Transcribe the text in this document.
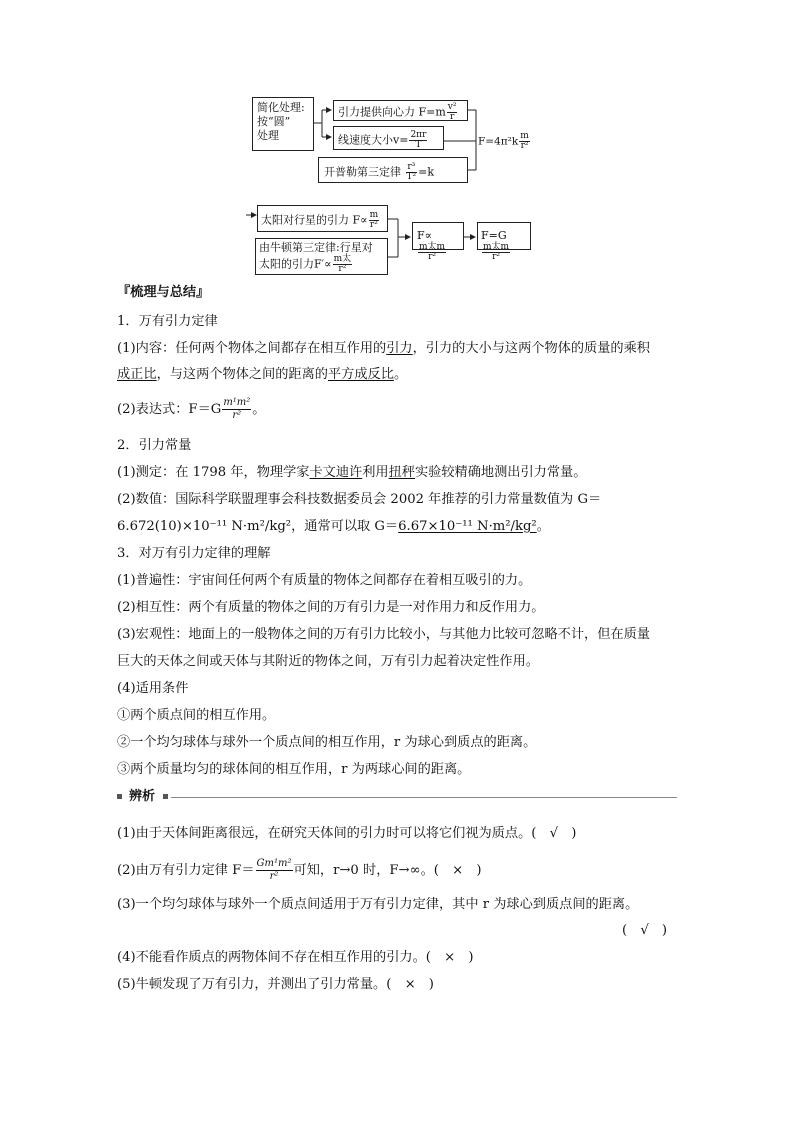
简化处理:
按“圆”
处理
引力提供向心力 $F=m \frac{\text{v²}}{r}$
线速度大小$v= \frac{2\pi r}{T}$	$F=4\pi^2k \frac{m}{\text{r²}}$
开普勒第三定律 $\frac{\text{r³}}{\text{T²}} =k$
太阳对行星的引力 $F\propto \frac{m}{\text{r²}}$
由牛顿第三定律:行星对
太阳的引力$F'\propto \frac{\text{m太}}{\text{r²}}$
F∝
$\frac{\text{m太m}}{\text{r²}}$
F=G
$\frac{\text{m太m}}{\text{r²}}$
『梳理与总结』
1．万有引力定律
(1)内容：任何两个物体之间都存在相互作用的引力，引力的大小与这两个物体的质量的乘积
成正比，与这两个物体之间的距离的平方成反比。
(2)表达式：$F=G \frac{\text{m¹m²}}{\text{r²}}$ 。
2．引力常量
(1)测定：在 1798 年，物理学家卡文迪许利用扭秤实验较精确地测出引力常量。
(2)数值：国际科学联盟理事会科技数据委员会 2002 年推荐的引力常量数值为 G＝
6.672(10)×10⁻¹¹ N·m²/kg²，通常可以取 G＝6.67×10⁻¹¹ N·m²/kg²。
3．对万有引力定律的理解
(1)普遍性：宇宙间任何两个有质量的物体之间都存在着相互吸引的力。
(2)相互性：两个有质量的物体之间的万有引力是一对作用力和反作用力。
(3)宏观性：地面上的一般物体之间的万有引力比较小，与其他力比较可忽略不计，但在质量
巨大的天体之间或天体与其附近的物体之间，万有引力起着决定性作用。
(4)适用条件
①两个质点间的相互作用。
②一个均匀球体与球外一个质点间的相互作用，r 为球心到质点的距离。
③两个质量均匀的球体间的相互作用，r 为两球心间的距离。
辨析
(1)由于天体间距离很远，在研究天体间的引力时可以将它们视为质点。(　√　)
(2)由万有引力定律 $F= \frac{\text{Gm¹m²}}{\text{r²}}$ 可知，r→0 时，F→∞。(　×　)
(3)一个均匀球体与球外一个质点间适用于万有引力定律，其中 r 为球心到质点间的距离。
(　√　)
(4)不能看作质点的两物体间不存在相互作用的引力。(　×　)
(5)牛顿发现了万有引力，并测出了引力常量。(　×　)
